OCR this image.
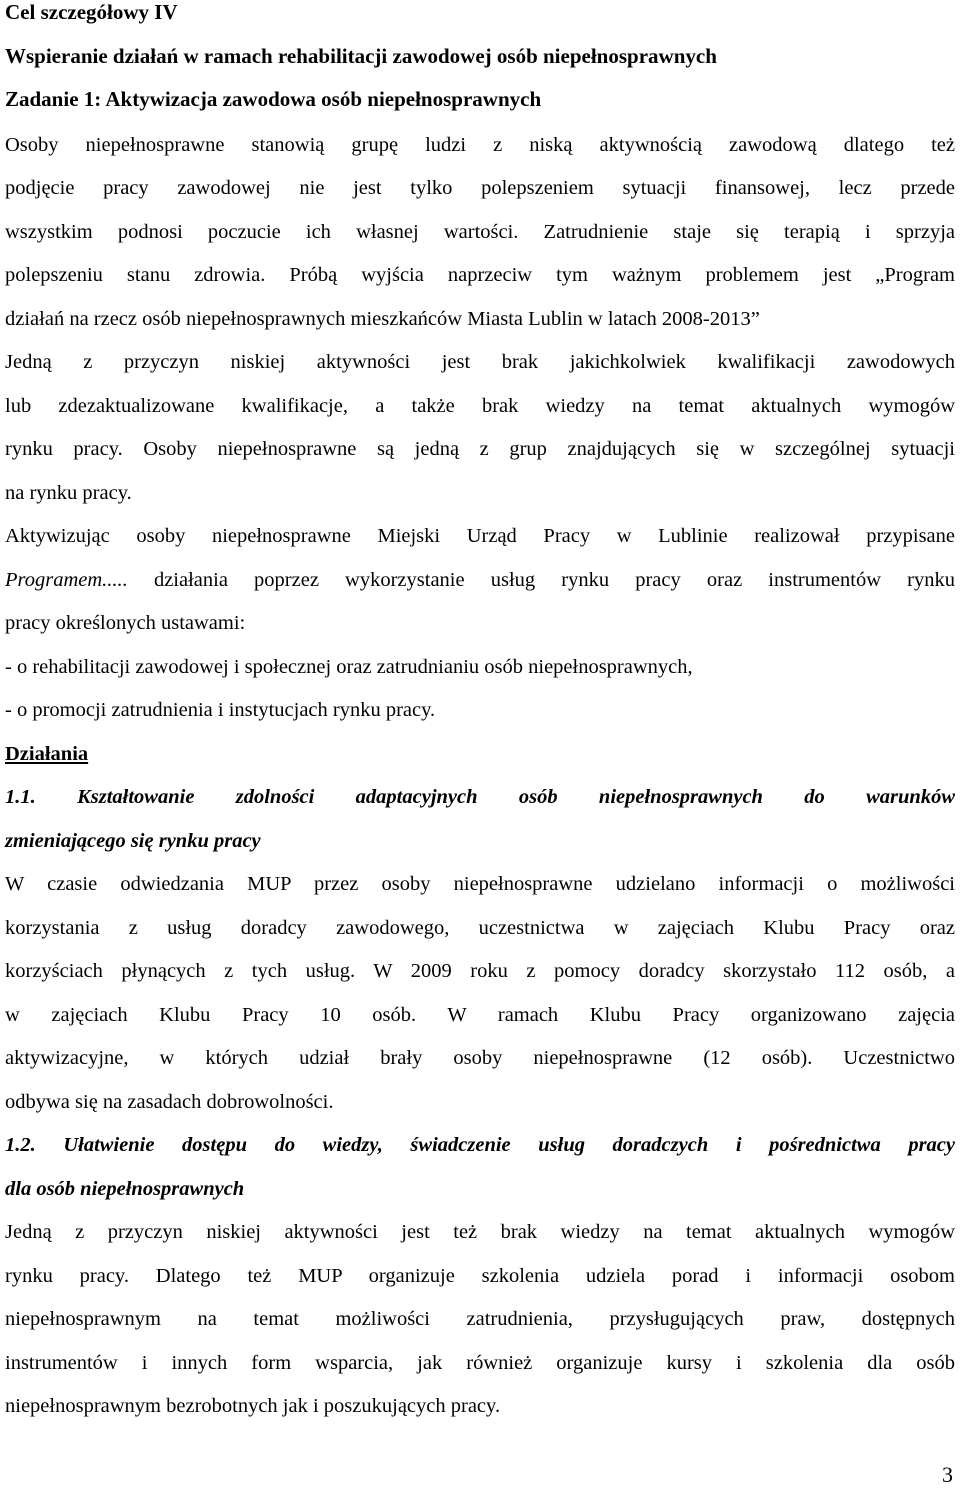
Cel szczegółowy IV
Wspieranie działań w ramach rehabilitacji zawodowej osób niepełnosprawnych
Zadanie 1: Aktywizacja zawodowa osób niepełnosprawnych
Osoby niepełnosprawne stanowią grupę ludzi z niską aktywnością zawodową dlatego też
podjęcie pracy zawodowej nie jest tylko polepszeniem sytuacji finansowej, lecz przede
wszystkim podnosi poczucie ich własnej wartości. Zatrudnienie staje się terapią i sprzyja
polepszeniu stanu zdrowia. Próbą wyjścia naprzeciw tym ważnym problemem jest „Program
działań na rzecz osób niepełnosprawnych mieszkańców Miasta Lublin w latach 2008-2013”
Jedną z przyczyn niskiej aktywności jest brak jakichkolwiek kwalifikacji zawodowych
lub zdezaktualizowane kwalifikacje, a także brak wiedzy na temat aktualnych wymogów
rynku pracy. Osoby niepełnosprawne są jedną z grup znajdujących się w szczególnej sytuacji
na rynku pracy.
Aktywizując osoby niepełnosprawne Miejski Urząd Pracy w Lublinie realizował przypisane
Programem..... działania poprzez wykorzystanie usług rynku pracy oraz instrumentów rynku
pracy określonych ustawami:
- o rehabilitacji zawodowej i społecznej oraz zatrudnianiu osób niepełnosprawnych,
- o promocji zatrudnienia i instytucjach rynku pracy.
Działania
1.1. Kształtowanie zdolności adaptacyjnych osób niepełnosprawnych do warunków
zmieniającego się rynku pracy
W czasie odwiedzania MUP przez osoby niepełnosprawne udzielano informacji o możliwości
korzystania z usług doradcy zawodowego, uczestnictwa w zajęciach Klubu Pracy oraz
korzyściach płynących z tych usług. W 2009 roku z pomocy doradcy skorzystało 112 osób, a
w zajęciach Klubu Pracy 10 osób. W ramach Klubu Pracy organizowano zajęcia
aktywizacyjne, w których udział brały osoby niepełnosprawne (12 osób). Uczestnictwo
odbywa się na zasadach dobrowolności.
1.2. Ułatwienie dostępu do wiedzy, świadczenie usług doradczych i pośrednictwa pracy
dla osób niepełnosprawnych
Jedną z przyczyn niskiej aktywności jest też brak wiedzy na temat aktualnych wymogów
rynku pracy. Dlatego też MUP organizuje szkolenia udziela porad i informacji osobom
niepełnosprawnym na temat możliwości zatrudnienia, przysługujących praw, dostępnych
instrumentów i innych form wsparcia, jak również organizuje kursy i szkolenia dla osób
niepełnosprawnym bezrobotnych jak i poszukujących pracy.
3
